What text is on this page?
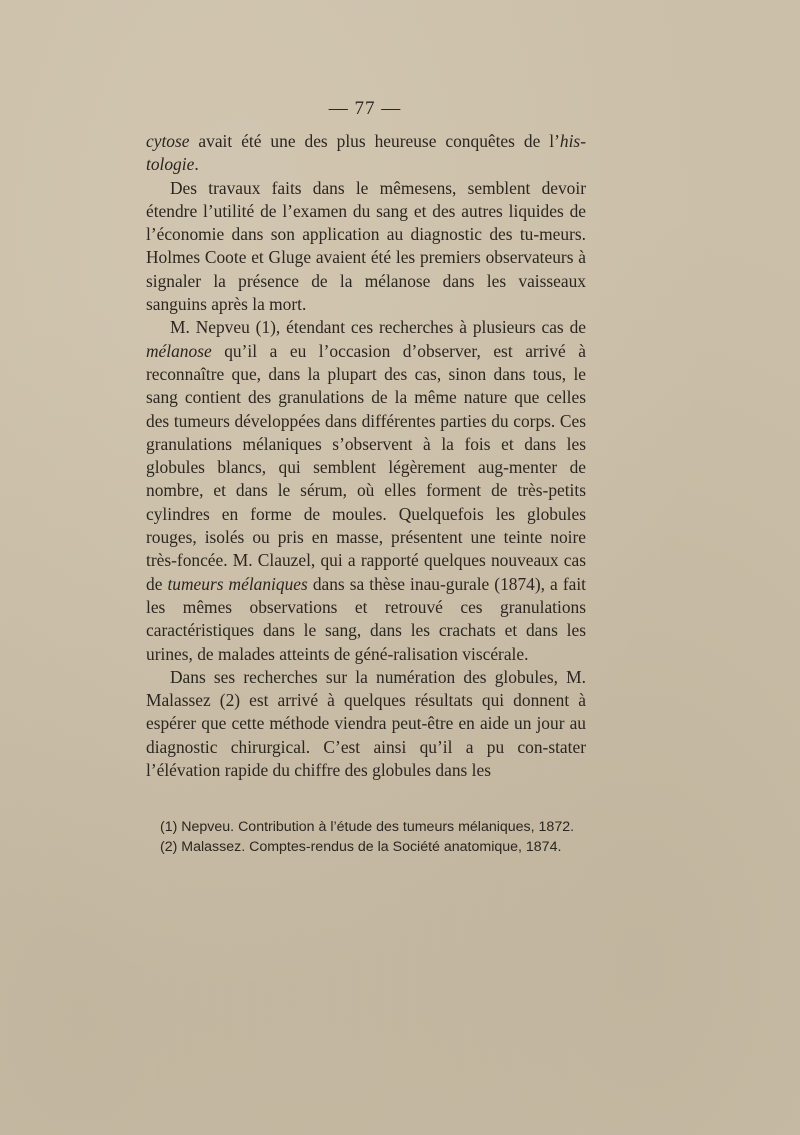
— 77 —

cytose avait été une des plus heureuse conquêtes de l’his-tologie.

Des travaux faits dans le mêmesens, semblent devoir étendre l’utilité de l’examen du sang et des autres liquides de l’économie dans son application au diagnostic des tu-meurs. Holmes Coote et Gluge avaient été les premiers observateurs à signaler la présence de la mélanose dans les vaisseaux sanguins après la mort.

M. Nepveu (1), étendant ces recherches à plusieurs cas de mélanose qu’il a eu l’occasion d’observer, est arrivé à reconnaître que, dans la plupart des cas, sinon dans tous, le sang contient des granulations de la même nature que celles des tumeurs développées dans différentes parties du corps. Ces granulations mélaniques s’observent à la fois et dans les globules blancs, qui semblent légèrement aug-menter de nombre, et dans le sérum, où elles forment de très-petits cylindres en forme de moules. Quelquefois les globules rouges, isolés ou pris en masse, présentent une teinte noire très-foncée. M. Clauzel, qui a rapporté quelques nouveaux cas de tumeurs mélaniques dans sa thèse inau-gurale (1874), a fait les mêmes observations et retrouvé ces granulations caractéristiques dans le sang, dans les crachats et dans les urines, de malades atteints de géné-ralisation viscérale.

Dans ses recherches sur la numération des globules, M. Malassez (2) est arrivé à quelques résultats qui donnent à espérer que cette méthode viendra peut-être en aide un jour au diagnostic chirurgical. C’est ainsi qu’il a pu con-stater l’élévation rapide du chiffre des globules dans les

(1) Nepveu. Contribution à l’étude des tumeurs mélaniques, 1872.

(2) Malassez. Comptes-rendus de la Société anatomique, 1874.
